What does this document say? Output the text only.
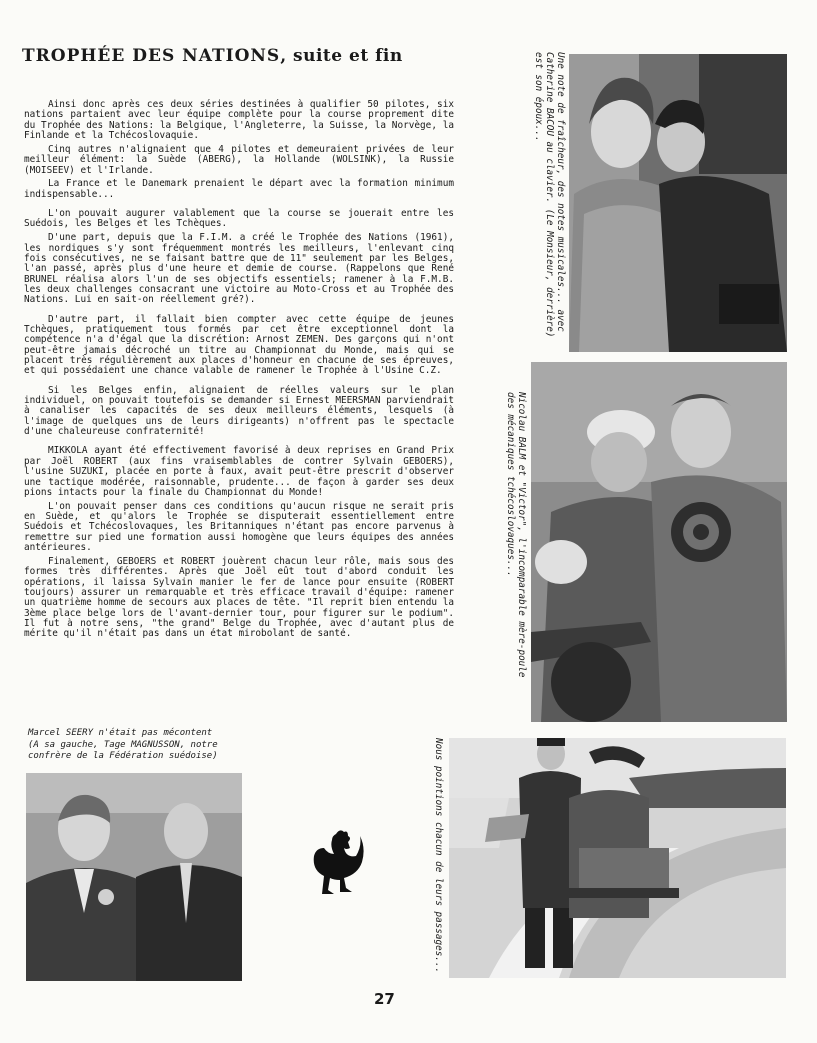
TROPHÉE DES NATIONS, suite et fin

Ainsi donc après ces deux séries destinées à qualifier 50 pilotes, six nations partaient avec leur équipe complète pour la course proprement dite du Trophée des Nations: la Belgique, l'Angleterre, la Suisse, la Norvège, la Finlande et la Tchécoslovaquie.

Cinq autres n'alignaient que 4 pilotes et demeuraient privées de leur meilleur élément: la Suède (ABERG), la Hollande (WOLSINK), la Russie (MOISEEV) et l'Irlande.

La France et le Danemark prenaient le départ avec la formation minimum indispensable...

L'on pouvait augurer valablement que la course se jouerait entre les Suédois, les Belges et les Tchèques.

D'une part, depuis que la F.I.M. a créé le Trophée des Nations (1961), les nordiques s'y sont fréquemment montrés les meilleurs, l'enlevant cinq fois consécutives, ne se faisant battre que de 11" seulement par les Belges, l'an passé, après plus d'une heure et demie de course. (Rappelons que René BRUNEL réalisa alors l'un de ses objectifs essentiels; ramener à la F.M.B. les deux challenges consacrant une victoire au Moto-Cross et au Trophée des Nations. Lui en sait-on réellement gré?).

D'autre part, il fallait bien compter avec cette équipe de jeunes Tchèques, pratiquement tous formés par cet être exceptionnel dont la compétence n'a d'égal que la discrétion: Arnost ZEMEN. Des garçons qui n'ont peut-être jamais décroché un titre au Championnat du Monde, mais qui se placent très régulièrement aux places d'honneur en chacune de ses épreuves, et qui possédaient une chance valable de ramener le Trophée à l'Usine C.Z.

Si les Belges enfin, alignaient de réelles valeurs sur le plan individuel, on pouvait toutefois se demander si Ernest MEERSMAN parviendrait à canaliser les capacités de ses deux meilleurs éléments, lesquels (à l'image de quelques uns de leurs dirigeants) n'offrent pas le spectacle d'une chaleureuse confraternité!

MIKKOLA ayant été effectivement favorisé à deux reprises en Grand Prix par Joël ROBERT (aux fins vraisemblables de contrer Sylvain GEBOERS), l'usine SUZUKI, placée en porte à faux, avait peut-être prescrit d'observer une tactique modérée, raisonnable, prudente... de façon à garder ses deux pions intacts pour la finale du Championnat du Monde!

L'on pouvait penser dans ces conditions qu'aucun risque ne serait pris en Suède, et qu'alors le Trophée se disputerait essentiellement entre Suédois et Tchécoslovaques, les Britanniques n'étant pas encore parvenus à remettre sur pied une formation aussi homogène que leurs équipes des années antérieures.

Finalement, GEBOERS et ROBERT jouèrent chacun leur rôle, mais sous des formes très différentes. Après que Joël eût tout d'abord conduit les opérations, il laissa Sylvain manier le fer de lance pour ensuite (ROBERT toujours) assurer un remarquable et très efficace travail d'équipe: ramener un quatrième homme de secours aux places de tête. "Il reprit bien entendu la 3ème place belge lors de l'avant-dernier tour, pour figurer sur le podium". Il fut à notre sens, "the grand" Belge du Trophée, avec d'autant plus de mérite qu'il n'était pas dans un état mirobolant de santé.

Une note de fraîcheur, des notes musicales... avec Catherine BACOU au clavier. (Le Monsieur, derrière) est son époux...
Nicolau BALM et "Victor", l'incomparable mère-poule des mécaniques tchécoslovaques...
Marcel SEERY n'était pas mécontent
(A sa gauche, Tage MAGNUSSON, notre confrère de la Fédération suédoise)	Nous pointions chacun de leurs passages...
27
